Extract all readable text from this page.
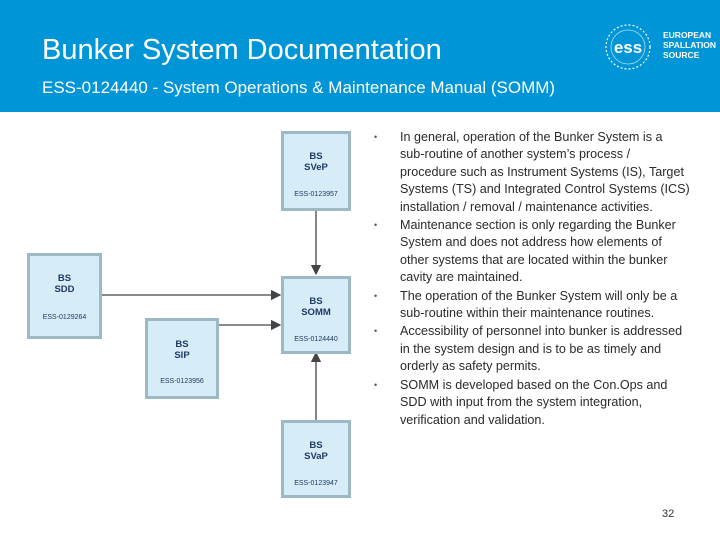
Bunker System Documentation
ESS-0124440 - System Operations & Maintenance Manual (SOMM)
ess
EUROPEAN
SPALLATION
SOURCE
BS
SVeP
ESS-0123957
BS
SDD
ESS-0129264
BS
SOMM
ESS-0124440
BS
SIP
ESS-0123956
BS
SVaP
ESS-0123947
• In general, operation of the Bunker System is a sub-routine of another system’s process / procedure such as Instrument Systems (IS), Target Systems (TS) and Integrated Control Systems (ICS) installation / removal / maintenance activities.
• Maintenance section is only regarding the Bunker System and does not address how elements of other systems that are located within the bunker cavity are maintained.
• The operation of the Bunker System will only be a sub-routine within their maintenance routines.
• Accessibility of personnel into bunker is addressed in the system design and is to be as timely and orderly as safety permits.
• SOMM is developed based on the Con.Ops and SDD with input from the system integration, verification and validation.
32
